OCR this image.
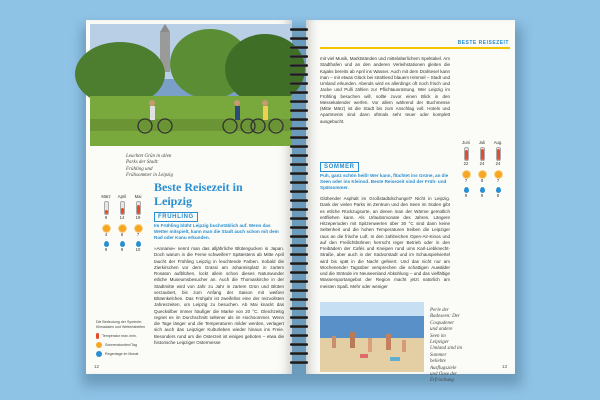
Leuchtet Grün in allen Parks der Stadt: Frühling und Frühsommer in Leipzig
März
9
4
9
April
14
6
9
Mai
19
7
10
Die Bedeutung der Symbole: Klimadaten und Wettertabellen
Temperatur max./min.
Sonnenstunden/Tag
Regentage im Monat
Beste Reisezeit in
Leipzig
FRÜHLING
Im Frühling blüht Leipzig buchstäblich auf. Wenn das Wetter mitspielt, kann man die Stadt auch schon mit dem Rad oder Kanu erkunden.
»Annanie« nennt man das alljährliche Blütengucken in Japan. Doch warum in die Ferne schweifen? Spätestens ab Mitte April taucht der Frühling Leipzig in leuchtende Farben. Sobald die Zierkirschen vor dem Grassi am Johannisplatz in zartem Rosaton aufblühen, lockt allein schon dieses Naturwunder etliche Museumsbesucher an. Auch die Thomaskirche in der Stadtmitte wird von Jahr zu Jahr in zartem Grün und Blüten verzaubert, bis zum Anfang der Saison mit weißen Blütenkelchen. Das Frühjahr ist zweifellos eine der reizvollsten Jahreszeiten, um Leipzig zu besuchen. Ab Mai knackt das Quecksilber immer häufiger die Marke von 20 °C. Gleichzeitig regnet es im Durchschnitt seltener als im Hochsommer. Wenn die Tage länger und die Temperaturen milder werden, verlagert sich auch das Leipziger Kulturleben wieder hinaus ins Freie. Besonders rund um die Osterzeit ist einiges geboten – etwa die historische Leipziger Ostermesse
12
BESTE REISEZEIT
mit viel Musik, Marktständen und mittelalterlichem Spektakel. Am Stadthafen und an den anderen Verleihstationen gleiten die Kajaks bereits ab April ins Wasser. Auch mit dem Drahtesel kann man – mit etwas Glück bei strahlend blauem Himmel – Stadt und Umland erkunden. Abends wird es allerdings oft noch frisch und Jacke und Pulli zählen zur Pflichtausrüstung. Wer Leipzig im Frühling besuchen will, sollte zuvor einen Blick in den Messekalender werfen. Vor allem während der Buchmesse (Mitte März) ist die Stadt bis zum Anschlag voll. Hotels und Apartments sind dann oftmals sehr teuer oder komplett ausgebucht.
SOMMER
Puh, ganz schön heiß! Wer kann, flüchtet ins Grüne, an die Seen oder ins Kleinod. Beste Reisezeit sind der Früh- und Spätsommer.
Glühender Asphalt im Großstadtdschungel? Nicht in Leipzig. Dank der vielen Parks im Zentrum und den Seen im Süden gibt es etliche Rückzugsorte, an denen man der Wärme gemütlich entfliehen kann. Als Urlaubsmonate des Jahres. Längere Hitzeperioden mit Spitzenwerten über 30 °C sind dann keine Seltenheit und die hohen Temperaturen treiben die Leipziger raus an die frische Luft. In den zahlreichen Open-Air-Kinos und auf den Freilichtbühnen herrscht reger Betrieb oder in den Freibädern der Cafés und Kneipen rund ums Karl-Liebknecht-Straße, aber auch in der Südvorstadt und im Schauspielviertel wird bis spät in die Nacht gefeiert. Und das nicht nur am Wochenende! Tagsüber versprechen die schattigen Auwälder und die Strände im Neuseenland Abkühlung – und das vielfältige Wassersportangebot der Region macht jetzt natürlich am meisten Spaß. Mehr oder weniger
Juni
22
7
9
Juli
24
8
9
Aug.
24
7
8
Perle der Badeseen: Der Cospudener und andere Seen im Leipziger Umland sind im Sommer beliebte Ausflugsziele und Oase der Erfrischung
13
